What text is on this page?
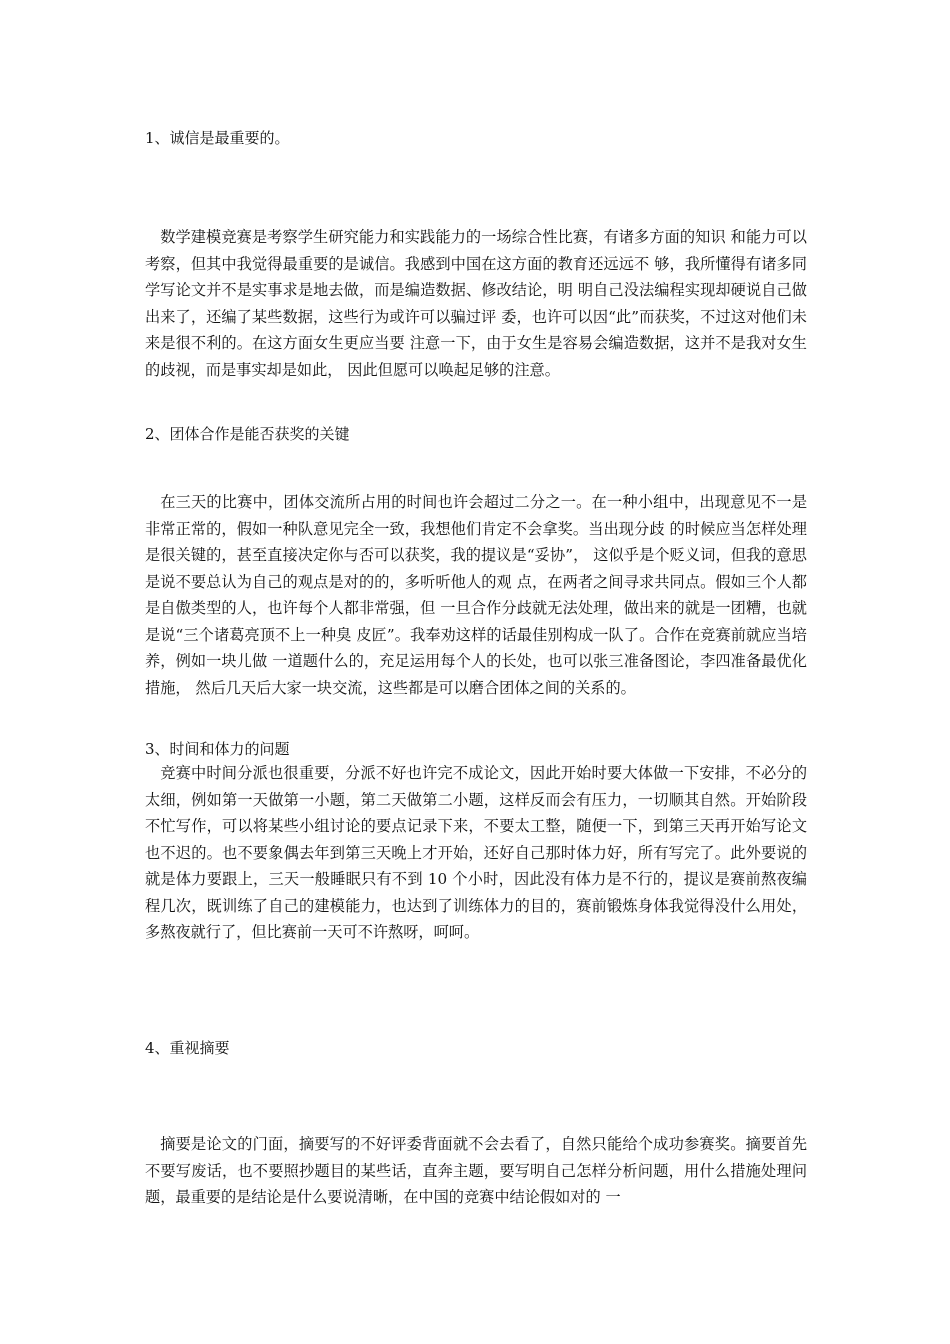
1、诚信是最重要的。

数学建模竞赛是考察学生研究能力和实践能力的一场综合性比赛，有诸多方面的知识 和能力可以考察，但其中我觉得最重要的是诚信。我感到中国在这方面的教育还远远不 够，我所懂得有诸多同学写论文并不是实事求是地去做，而是编造数据、修改结论，明 明自己没法编程实现却硬说自己做出来了，还编了某些数据，这些行为或许可以骗过评 委，也许可以因“此”而获奖，不过这对他们未来是很不利的。在这方面女生更应当要 注意一下，由于女生是容易会编造数据，这并不是我对女生的歧视，而是事实却是如此， 因此但愿可以唤起足够的注意。

2、团体合作是能否获奖的关键

在三天的比赛中，团体交流所占用的时间也许会超过二分之一。在一种小组中，出现意见不一是非常正常的，假如一种队意见完全一致，我想他们肯定不会拿奖。当出现分歧 的时候应当怎样处理是很关键的，甚至直接决定你与否可以获奖，我的提议是“妥协”， 这似乎是个贬义词，但我的意思是说不要总认为自己的观点是对的的，多听听他人的观 点，在两者之间寻求共同点。假如三个人都是自傲类型的人，也许每个人都非常强，但 一旦合作分歧就无法处理，做出来的就是一团糟，也就是说“三个诸葛亮顶不上一种臭 皮匠”。我奉劝这样的话最佳别构成一队了。合作在竞赛前就应当培养，例如一块儿做 一道题什么的，充足运用每个人的长处，也可以张三准备图论，李四准备最优化措施， 然后几天后大家一块交流，这些都是可以磨合团体之间的关系的。

3、时间和体力的问题

竞赛中时间分派也很重要，分派不好也许完不成论文，因此开始时要大体做一下安排，不必分的太细，例如第一天做第一小题，第二天做第二小题，这样反而会有压力，一切顺其自然。开始阶段不忙写作，可以将某些小组讨论的要点记录下来，不要太工整，随便一下，到第三天再开始写论文也不迟的。也不要象偶去年到第三天晚上才开始，还好自己那时体力好，所有写完了。此外要说的就是体力要跟上，三天一般睡眠只有不到 10 个小时，因此没有体力是不行的，提议是赛前熬夜编程几次，既训练了自己的建模能力，也达到了训练体力的目的，赛前锻炼身体我觉得没什么用处，多熬夜就行了，但比赛前一天可不许熬呀，呵呵。

4、重视摘要

摘要是论文的门面，摘要写的不好评委背面就不会去看了，自然只能给个成功参赛奖。摘要首先不要写废话，也不要照抄题目的某些话，直奔主题，要写明自己怎样分析问题，用什么措施处理问题，最重要的是结论是什么要说清晰，在中国的竞赛中结论假如对的 一
